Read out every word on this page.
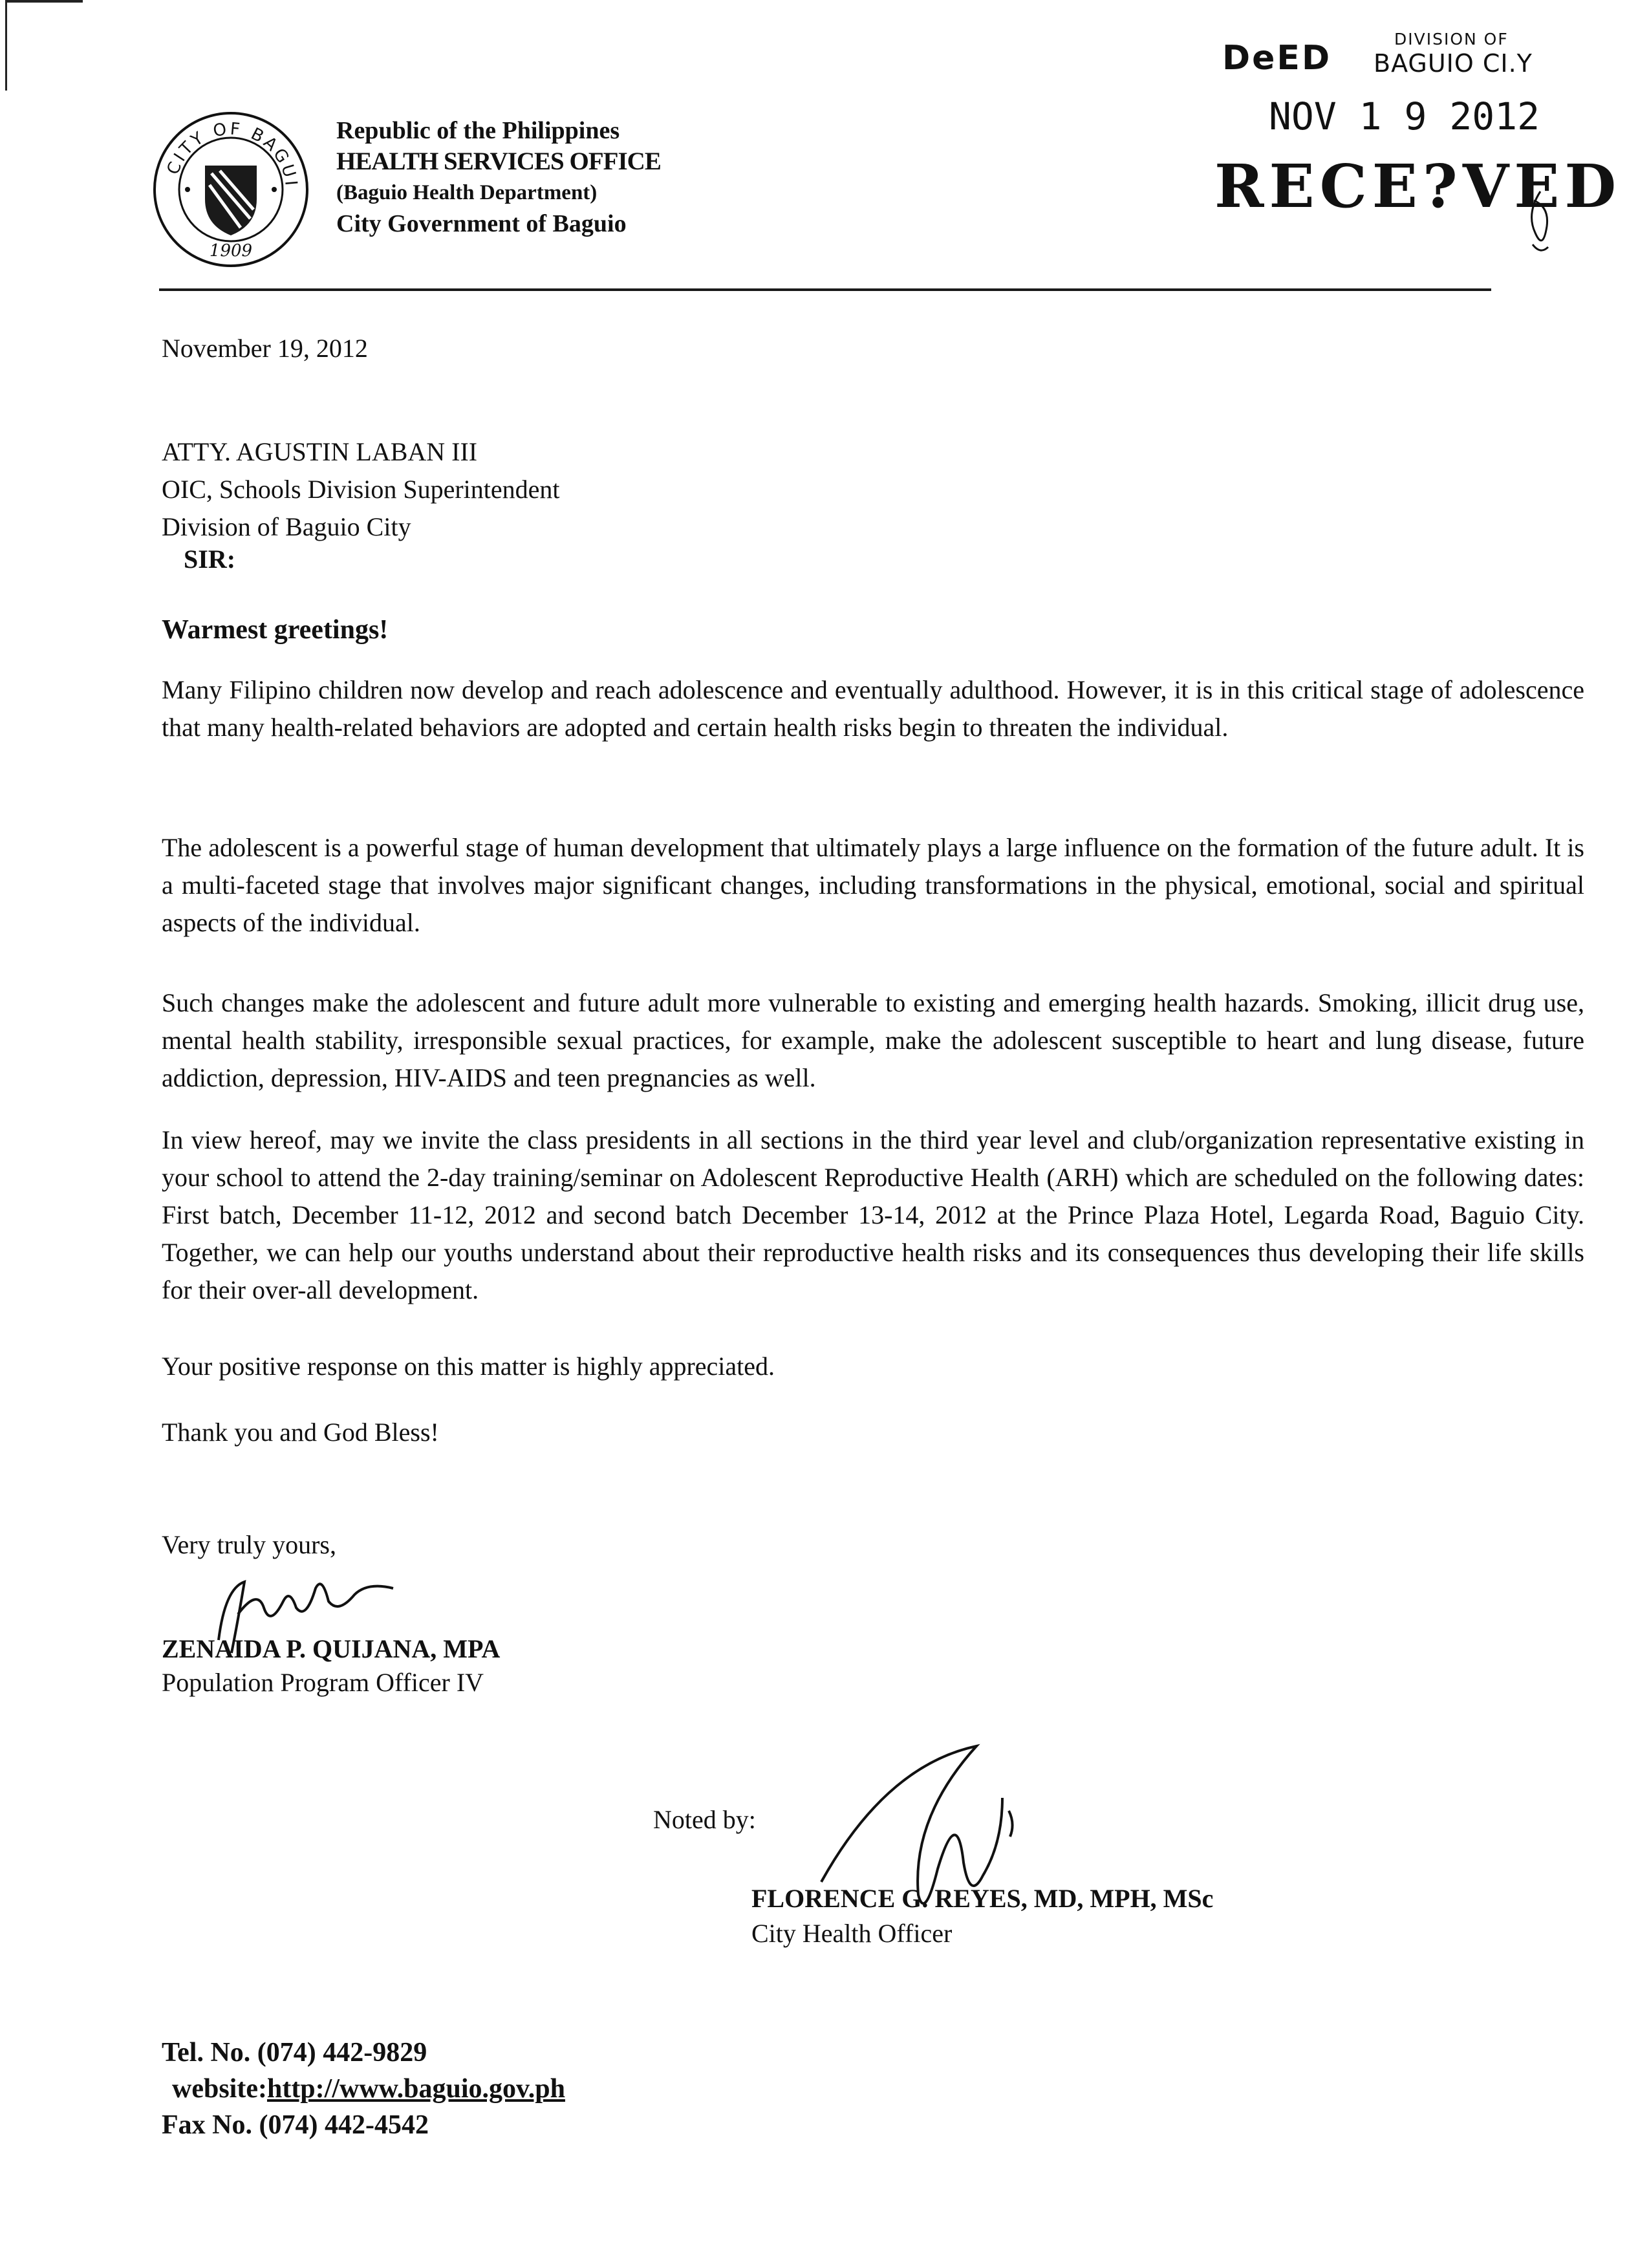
CITY OF BAGUI
1909
Republic of the Philippines
HEALTH SERVICES OFFICE
(Baguio Health Department)
City Government of Baguio
DeED	DIVISION OF
BAGUIO CI.Y
NOV 1 9 2012
RECE?VED
November 19, 2012
ATTY. AGUSTIN LABAN III
OIC, Schools Division Superintendent
Division of Baguio City
SIR:
Warmest greetings!
Many Filipino children now develop and reach adolescence and eventually adulthood. However, it is in this critical stage of adolescence that many health-related behaviors are adopted and certain health risks begin to threaten the individual.
The adolescent is a powerful stage of human development that ultimately plays a large influence on the formation of the future adult. It is a multi-faceted stage that involves major significant changes, including transformations in the physical, emotional, social and spiritual aspects of the individual.
Such changes make the adolescent and future adult more vulnerable to existing and emerging health hazards. Smoking, illicit drug use, mental health stability, irresponsible sexual practices, for example, make the adolescent susceptible to heart and lung disease, future addiction, depression, HIV-AIDS and teen pregnancies as well.
In view hereof, may we invite the class presidents in all sections in the third year level and club/organization representative existing in your school to attend the 2-day training/seminar on Adolescent Reproductive Health (ARH) which are scheduled on the following dates: First batch, December 11-12, 2012 and second batch December 13-14, 2012 at the Prince Plaza Hotel, Legarda Road, Baguio City. Together, we can help our youths understand about their reproductive health risks and its consequences thus developing their life skills for their over-all development.
Your positive response on this matter is highly appreciated.
Thank you and God Bless!
Very truly yours,
ZENAIDA P. QUIJANA, MPA
Population Program Officer IV
Noted by:
FLORENCE G. REYES, MD, MPH, MSc
City Health Officer
Tel. No. (074) 442-9829
website:http://www.baguio.gov.ph
Fax No. (074) 442-4542
